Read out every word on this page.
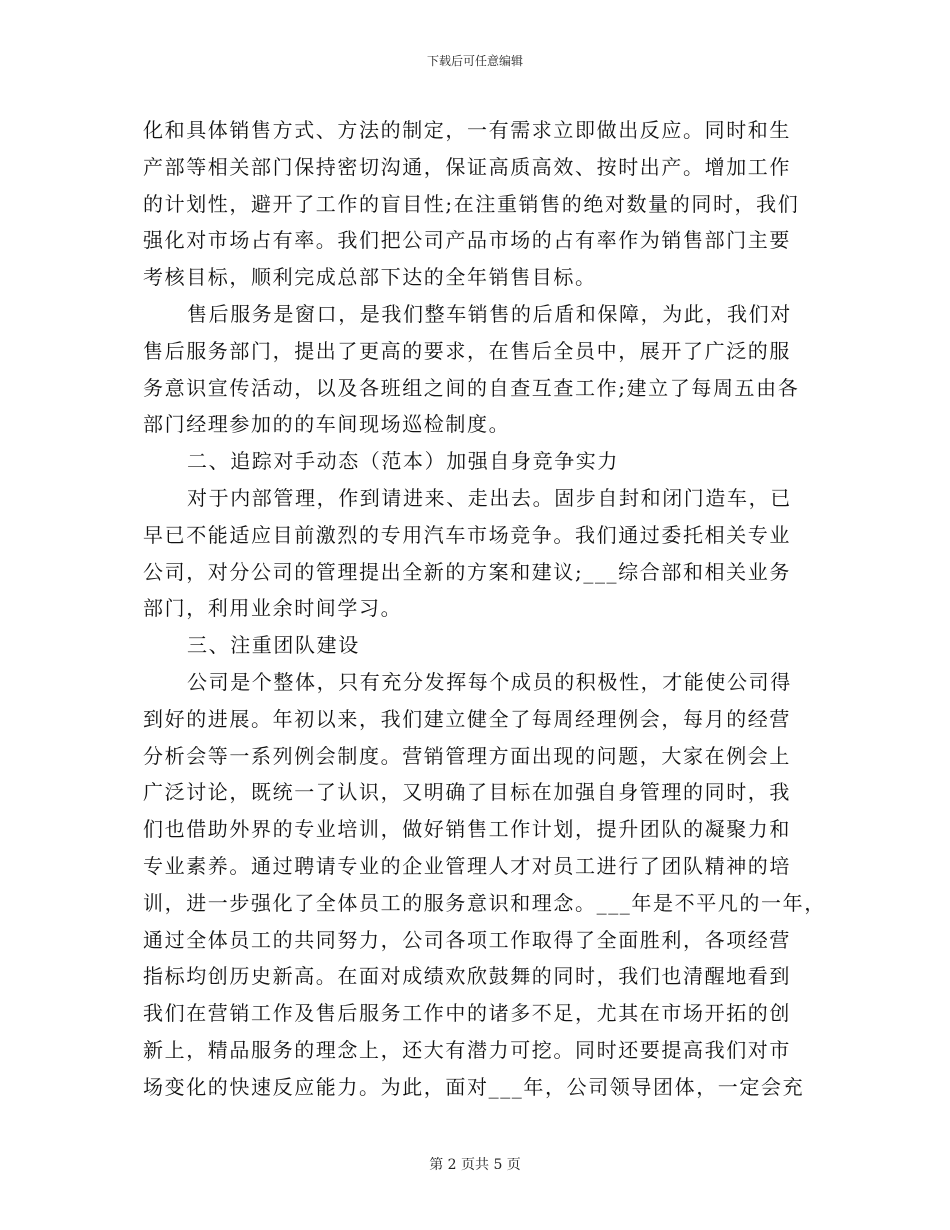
下载后可任意编辑
化和具体销售方式、方法的制定，一有需求立即做出反应。同时和生
产部等相关部门保持密切沟通，保证高质高效、按时出产。增加工作
的计划性，避开了工作的盲目性;在注重销售的绝对数量的同时，我们
强化对市场占有率。我们把公司产品市场的占有率作为销售部门主要
考核目标，顺利完成总部下达的全年销售目标。
售后服务是窗口，是我们整车销售的后盾和保障，为此，我们对
售后服务部门，提出了更高的要求，在售后全员中，展开了广泛的服
务意识宣传活动，以及各班组之间的自查互查工作;建立了每周五由各
部门经理参加的的车间现场巡检制度。
二、追踪对手动态（范本）加强自身竞争实力
对于内部管理，作到请进来、走出去。固步自封和闭门造车，已
早已不能适应目前激烈的专用汽车市场竞争。我们通过委托相关专业
公司，对分公司的管理提出全新的方案和建议;___综合部和相关业务
部门，利用业余时间学习。
三、注重团队建设
公司是个整体，只有充分发挥每个成员的积极性，才能使公司得
到好的进展。年初以来，我们建立健全了每周经理例会，每月的经营
分析会等一系列例会制度。营销管理方面出现的问题，大家在例会上
广泛讨论，既统一了认识，又明确了目标在加强自身管理的同时，我
们也借助外界的专业培训，做好销售工作计划，提升团队的凝聚力和
专业素养。通过聘请专业的企业管理人才对员工进行了团队精神的培
训，进一步强化了全体员工的服务意识和理念。___年是不平凡的一年，
通过全体员工的共同努力，公司各项工作取得了全面胜利，各项经营
指标均创历史新高。在面对成绩欢欣鼓舞的同时，我们也清醒地看到
我们在营销工作及售后服务工作中的诸多不足，尤其在市场开拓的创
新上，精品服务的理念上，还大有潜力可挖。同时还要提高我们对市
场变化的快速反应能力。为此，面对___年，公司领导团体，一定会充
第 2 页共 5 页
